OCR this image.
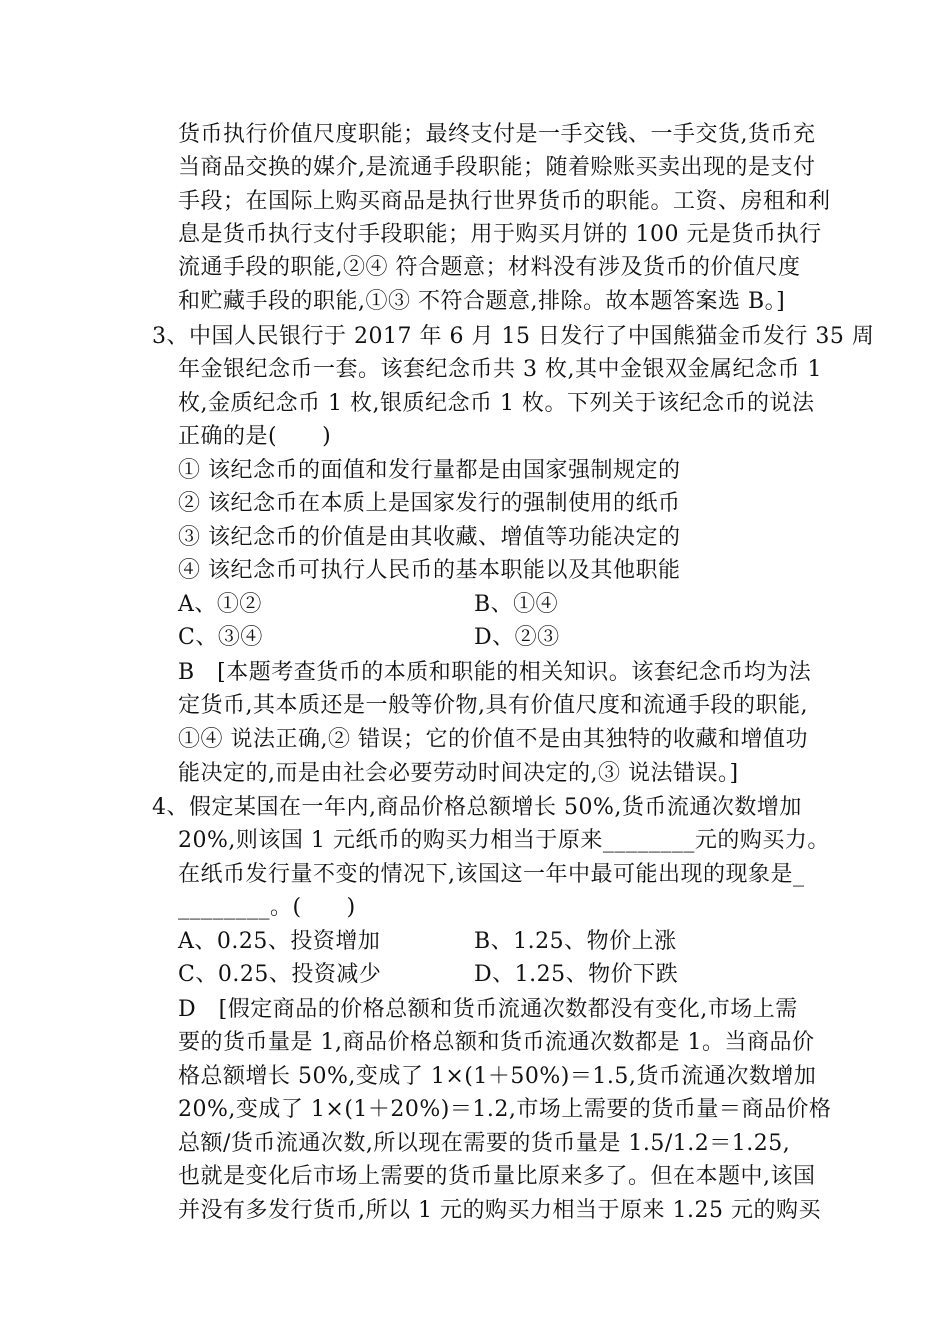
货币执行价值尺度职能；最终支付是一手交钱、一手交货,货币充
当商品交换的媒介,是流通手段职能；随着赊账买卖出现的是支付
手段；在国际上购买商品是执行世界货币的职能。工资、房租和利
息是货币执行支付手段职能；用于购买月饼的 100 元是货币执行
流通手段的职能,②④ 符合题意；材料没有涉及货币的价值尺度
和贮藏手段的职能,①③ 不符合题意,排除。故本题答案选 B。]
3、中国人民银行于 2017 年 6 月 15 日发行了中国熊猫金币发行 35 周
年金银纪念币一套。该套纪念币共 3 枚,其中金银双金属纪念币 1
枚,金质纪念币 1 枚,银质纪念币 1 枚。下列关于该纪念币的说法
正确的是(　　)
① 该纪念币的面值和发行量都是由国家强制规定的
② 该纪念币在本质上是国家发行的强制使用的纸币
③ 该纪念币的价值是由其收藏、增值等功能决定的
④ 该纪念币可执行人民币的基本职能以及其他职能
A、①②	B、①④
C、③④	D、②③
B　[本题考查货币的本质和职能的相关知识。该套纪念币均为法
定货币,其本质还是一般等价物,具有价值尺度和流通手段的职能,
①④ 说法正确,② 错误；它的价值不是由其独特的收藏和增值功
能决定的,而是由社会必要劳动时间决定的,③ 说法错误。]
4、假定某国在一年内,商品价格总额增长 50%,货币流通次数增加
20%,则该国 1 元纸币的购买力相当于原来________元的购买力。
在纸币发行量不变的情况下,该国这一年中最可能出现的现象是_
________。(　　)
A、0.25、投资增加	B、1.25、物价上涨
C、0.25、投资减少	D、1.25、物价下跌
D　[假定商品的价格总额和货币流通次数都没有变化,市场上需
要的货币量是 1,商品价格总额和货币流通次数都是 1。当商品价
格总额增长 50%,变成了 1×(1＋50%)＝1.5,货币流通次数增加
20%,变成了 1×(1＋20%)＝1.2,市场上需要的货币量＝商品价格
总额/货币流通次数,所以现在需要的货币量是 1.5/1.2＝1.25,
也就是变化后市场上需要的货币量比原来多了。但在本题中,该国
并没有多发行货币,所以 1 元的购买力相当于原来 1.25 元的购买
